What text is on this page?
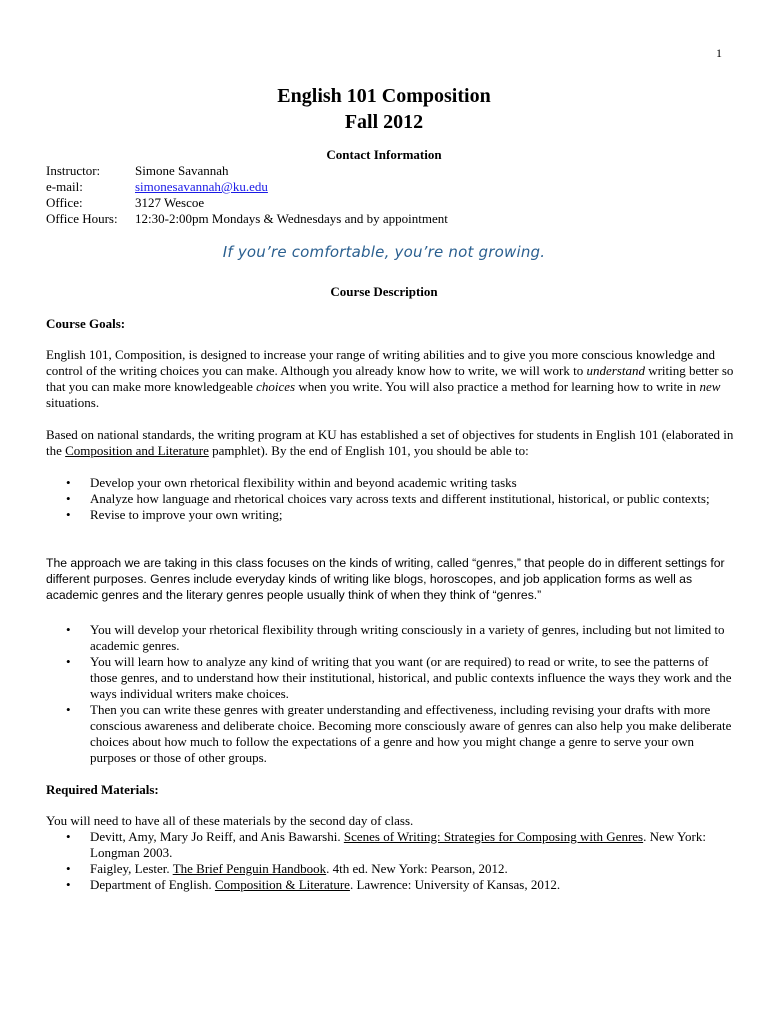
1
English 101 Composition
Fall 2012
Contact Information
Instructor:	Simone Savannah
e-mail:	simonesavannah@ku.edu
Office:	3127 Wescoe
Office Hours:	12:30-2:00pm Mondays & Wednesdays and by appointment
If you’re comfortable, you’re not growing.
Course Description
Course Goals:
English 101, Composition, is designed to increase your range of writing abilities and to give you more conscious knowledge and control of the writing choices you can make. Although you already know how to write, we will work to understand writing better so that you can make more knowledgeable choices when you write. You will also practice a method for learning how to write in new situations.
Based on national standards, the writing program at KU has established a set of objectives for students in English 101 (elaborated in the Composition and Literature pamphlet). By the end of English 101, you should be able to:
• Develop your own rhetorical flexibility within and beyond academic writing tasks
• Analyze how language and rhetorical choices vary across texts and different institutional, historical, or public contexts;
• Revise to improve your own writing;
The approach we are taking in this class focuses on the kinds of writing, called “genres,” that people do in different settings for different purposes. Genres include everyday kinds of writing like blogs, horoscopes, and job application forms as well as academic genres and the literary genres people usually think of when they think of “genres.”
• You will develop your rhetorical flexibility through writing consciously in a variety of genres, including but not limited to academic genres.
• You will learn how to analyze any kind of writing that you want (or are required) to read or write, to see the patterns of those genres, and to understand how their institutional, historical, and public contexts influence the ways they work and the ways individual writers make choices.
• Then you can write these genres with greater understanding and effectiveness, including revising your drafts with more conscious awareness and deliberate choice. Becoming more consciously aware of genres can also help you make deliberate choices about how much to follow the expectations of a genre and how you might change a genre to serve your own purposes or those of other groups.
Required Materials:
You will need to have all of these materials by the second day of class.
• Devitt, Amy, Mary Jo Reiff, and Anis Bawarshi. Scenes of Writing: Strategies for Composing with Genres. New York: Longman 2003.
• Faigley, Lester. The Brief Penguin Handbook. 4th ed. New York: Pearson, 2012.
• Department of English. Composition & Literature. Lawrence: University of Kansas, 2012.
